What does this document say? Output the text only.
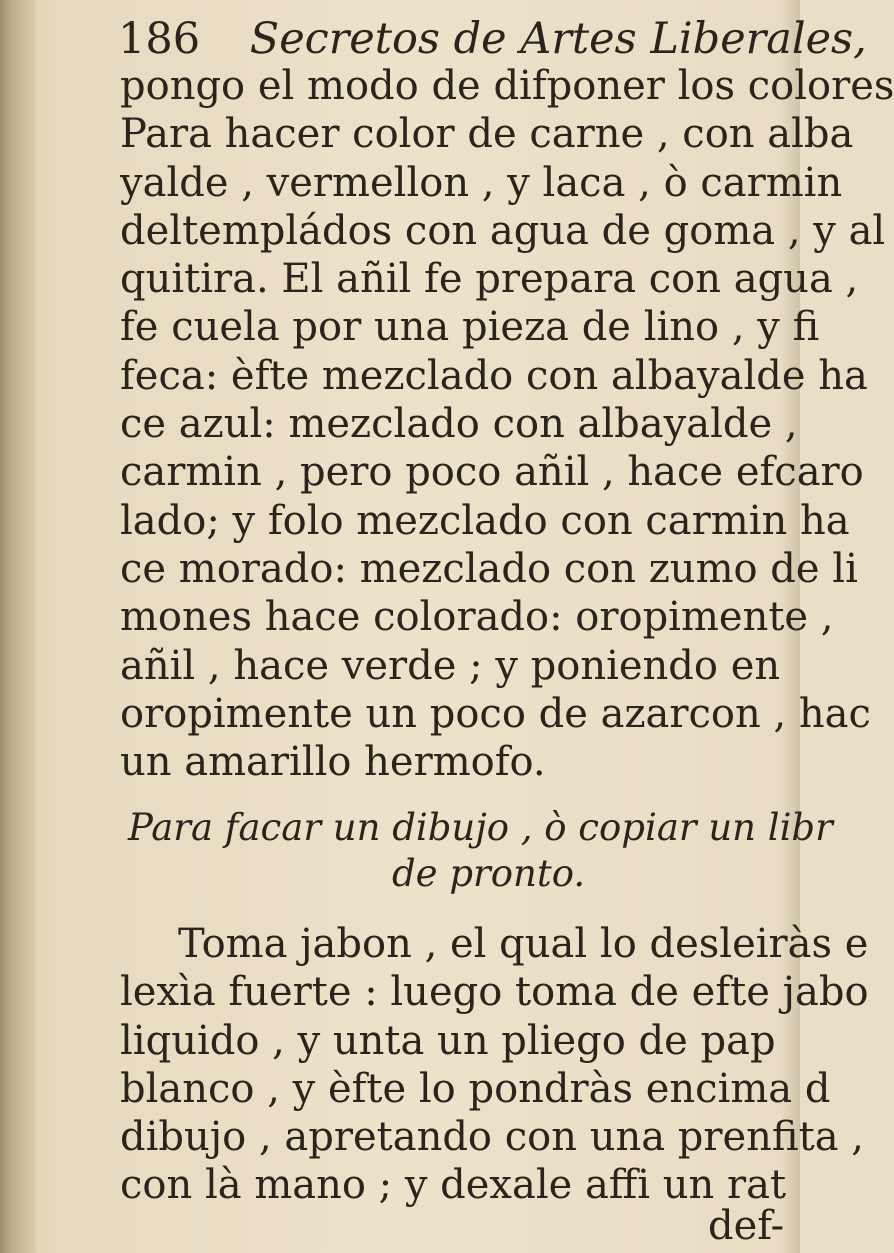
186 Secretos de Artes Liberales,
pongo el modo de difponer los colores
Para hacer color de carne , con alba
yalde , vermellon , y laca , ò carmin
deltempládos con agua de goma , y al
quitira. El añil fe prepara con agua ,
fe cuela por una pieza de lino , y fi
feca: èfte mezclado con albayalde ha
ce azul: mezclado con albayalde ,
carmin , pero poco añil , hace efcaro
lado; y folo mezclado con carmin ha
ce morado: mezclado con zumo de li
mones hace colorado: oropimente ,
añil , hace verde ; y poniendo en
oropimente un poco de azarcon , hac
un amarillo hermofo.
Para facar un dibujo , ò copiar un libr
de pronto.
Toma jabon , el qual lo desleiràs e
lexìa fuerte : luego toma de efte jabo
liquido , y unta un pliego de pap
blanco , y èfte lo pondràs encima d
dibujo , apretando con una prenfita ,
con là mano ; y dexale affi un rat
def-
